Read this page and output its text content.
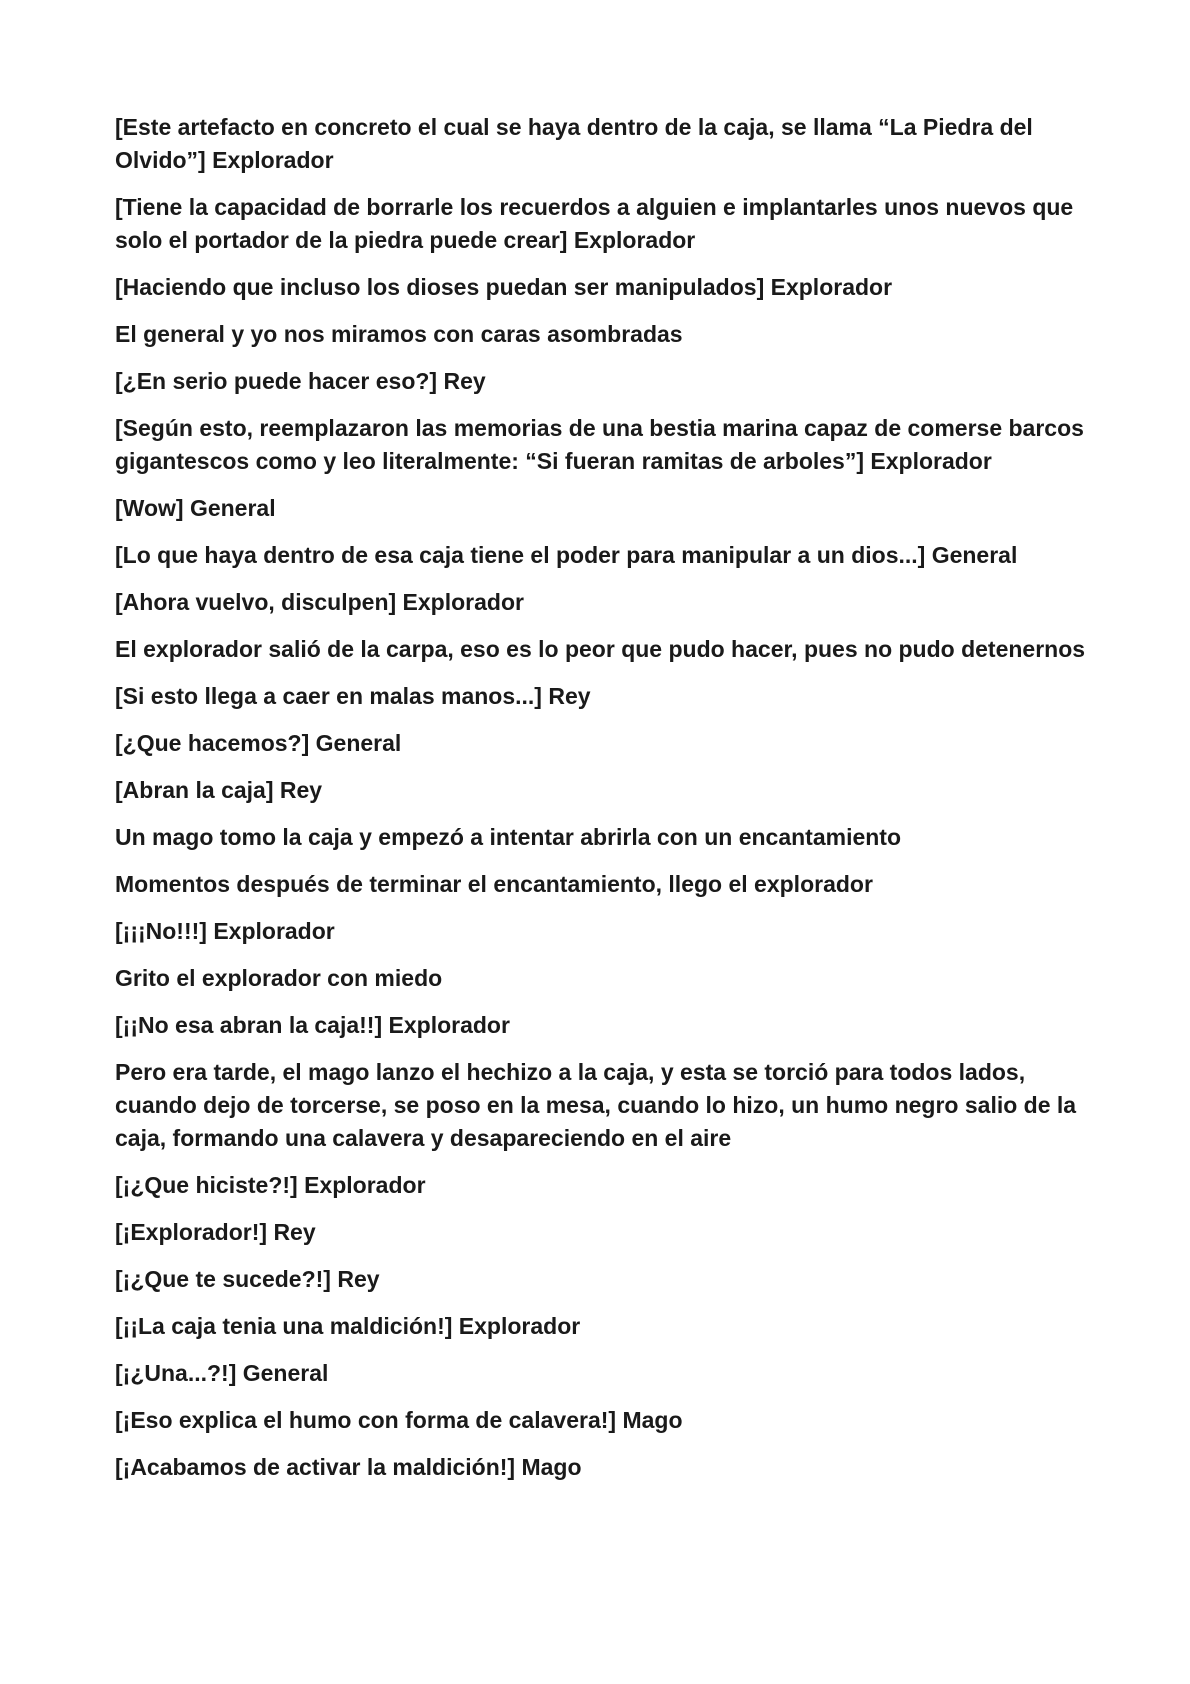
[Este artefacto en concreto el cual se haya dentro de la caja, se llama “La Piedra del Olvido”] Explorador

[Tiene la capacidad de borrarle los recuerdos a alguien e implantarles unos nuevos que solo el portador de la piedra puede crear] Explorador

[Haciendo que incluso los dioses puedan ser manipulados] Explorador

El general y yo nos miramos con caras asombradas

[¿En serio puede hacer eso?] Rey

[Según esto, reemplazaron las memorias de una bestia marina capaz de comerse barcos gigantescos como y leo literalmente: “Si fueran ramitas de arboles”] Explorador

[Wow] General

[Lo que haya dentro de esa caja tiene el poder para manipular a un dios...] General

[Ahora vuelvo, disculpen] Explorador

El explorador salió de la carpa, eso es lo peor que pudo hacer, pues no pudo detenernos

[Si esto llega a caer en malas manos...] Rey

[¿Que hacemos?] General

[Abran la caja] Rey

Un mago tomo la caja y empezó a intentar abrirla con un encantamiento

Momentos después de terminar el encantamiento, llego el explorador

[¡¡¡No!!!] Explorador

Grito el explorador con miedo

[¡¡No esa abran la caja!!] Explorador

Pero era tarde, el mago lanzo el hechizo a la caja, y esta se torció para todos lados, cuando dejo de torcerse, se poso en la mesa, cuando lo hizo, un humo negro salio de la caja, formando una calavera y desapareciendo en el aire

[¡¿Que hiciste?!] Explorador

[¡Explorador!] Rey

[¡¿Que te sucede?!] Rey

[¡¡La caja tenia una maldición!] Explorador

[¡¿Una...?!] General

[¡Eso explica el humo con forma de calavera!] Mago

[¡Acabamos de activar la maldición!] Mago
